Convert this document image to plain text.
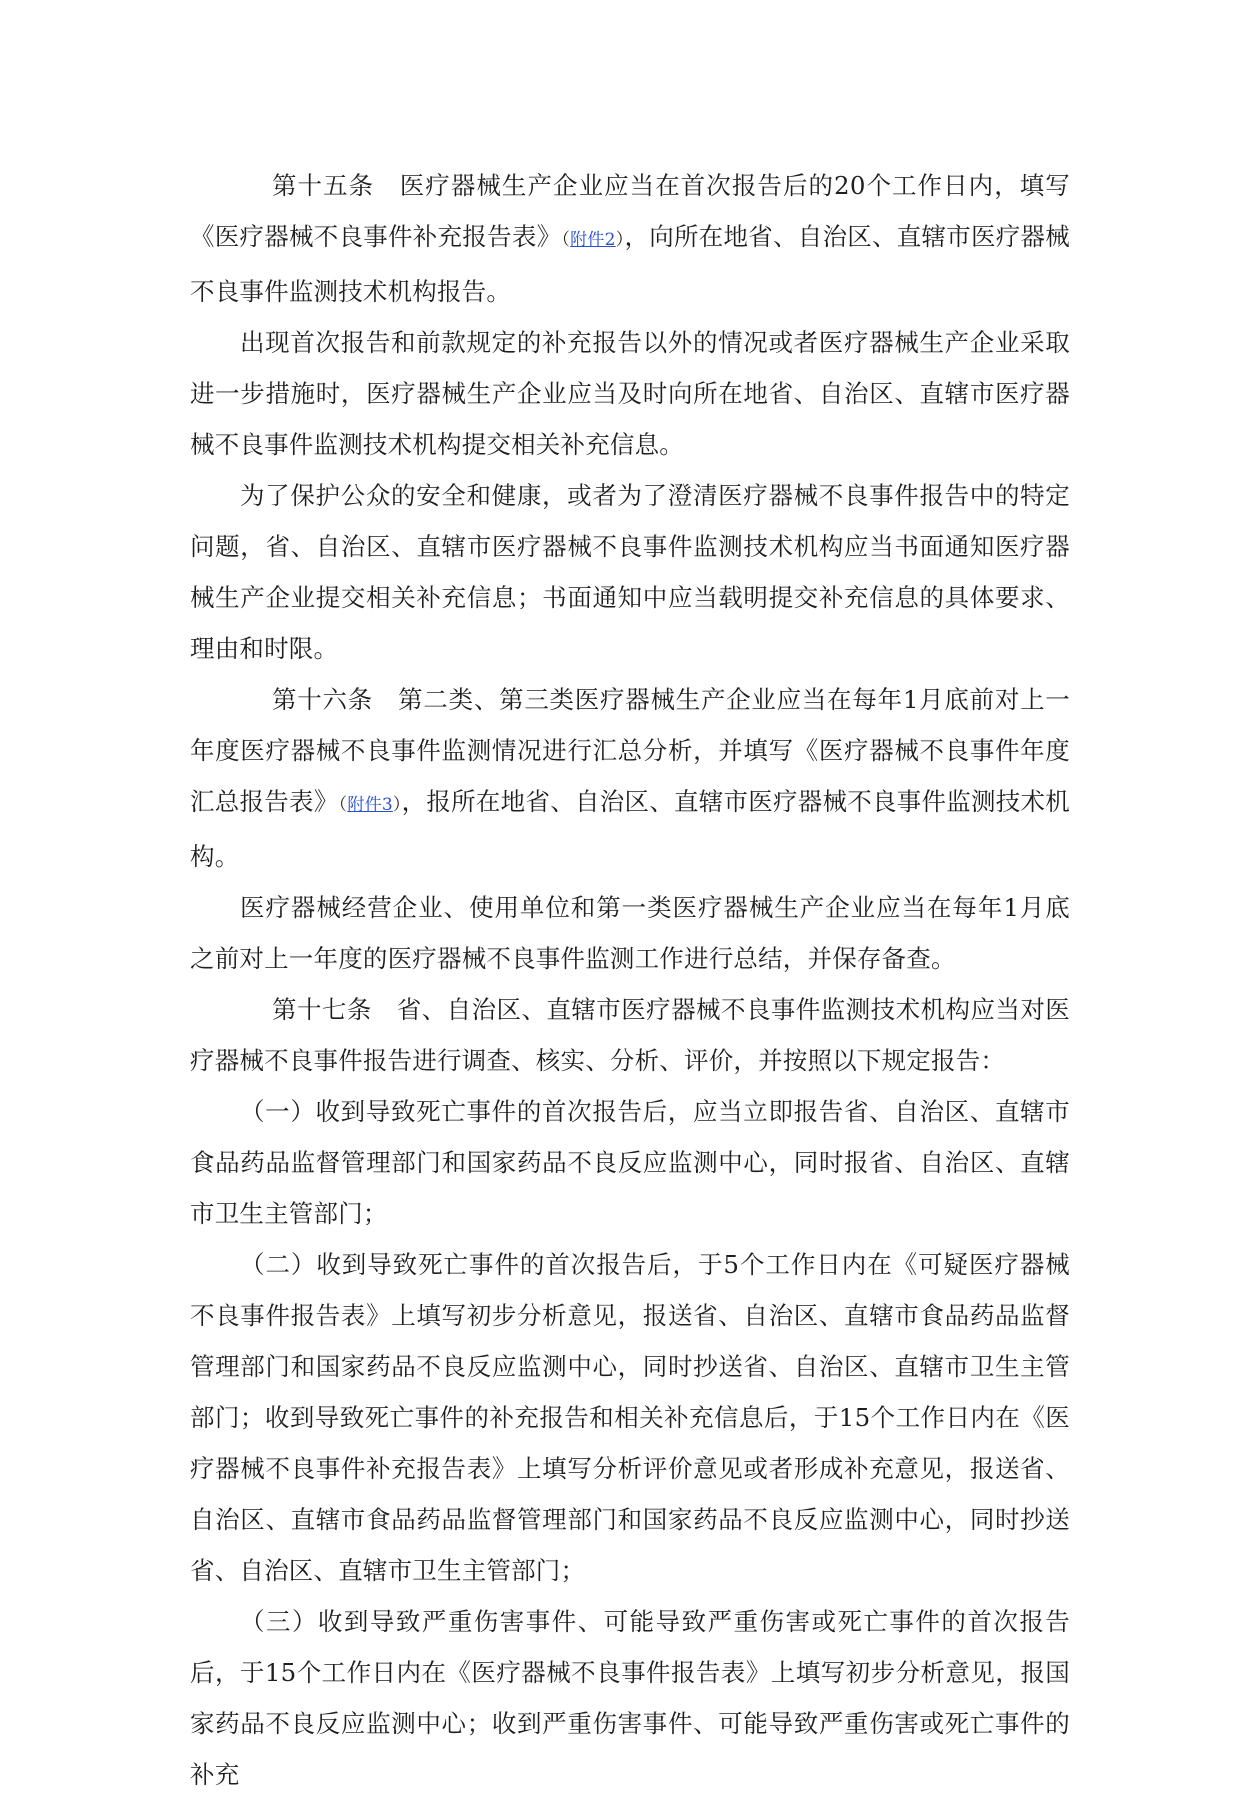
第十五条　医疗器械生产企业应当在首次报告后的20个工作日内，填写《医疗器械不良事件补充报告表》（附件2），向所在地省、自治区、直辖市医疗器械不良事件监测技术机构报告。

出现首次报告和前款规定的补充报告以外的情况或者医疗器械生产企业采取进一步措施时，医疗器械生产企业应当及时向所在地省、自治区、直辖市医疗器械不良事件监测技术机构提交相关补充信息。

为了保护公众的安全和健康，或者为了澄清医疗器械不良事件报告中的特定问题，省、自治区、直辖市医疗器械不良事件监测技术机构应当书面通知医疗器械生产企业提交相关补充信息；书面通知中应当载明提交补充信息的具体要求、理由和时限。

第十六条　第二类、第三类医疗器械生产企业应当在每年1月底前对上一年度医疗器械不良事件监测情况进行汇总分析，并填写《医疗器械不良事件年度汇总报告表》（附件3），报所在地省、自治区、直辖市医疗器械不良事件监测技术机构。

医疗器械经营企业、使用单位和第一类医疗器械生产企业应当在每年1月底之前对上一年度的医疗器械不良事件监测工作进行总结，并保存备查。

第十七条　省、自治区、直辖市医疗器械不良事件监测技术机构应当对医疗器械不良事件报告进行调查、核实、分析、评价，并按照以下规定报告：

（一）收到导致死亡事件的首次报告后，应当立即报告省、自治区、直辖市食品药品监督管理部门和国家药品不良反应监测中心，同时报省、自治区、直辖市卫生主管部门；

（二）收到导致死亡事件的首次报告后，于5个工作日内在《可疑医疗器械不良事件报告表》上填写初步分析意见，报送省、自治区、直辖市食品药品监督管理部门和国家药品不良反应监测中心，同时抄送省、自治区、直辖市卫生主管部门；收到导致死亡事件的补充报告和相关补充信息后，于15个工作日内在《医疗器械不良事件补充报告表》上填写分析评价意见或者形成补充意见，报送省、自治区、直辖市食品药品监督管理部门和国家药品不良反应监测中心，同时抄送省、自治区、直辖市卫生主管部门；

（三）收到导致严重伤害事件、可能导致严重伤害或死亡事件的首次报告后，于15个工作日内在《医疗器械不良事件报告表》上填写初步分析意见，报国家药品不良反应监测中心；收到严重伤害事件、可能导致严重伤害或死亡事件的补充
